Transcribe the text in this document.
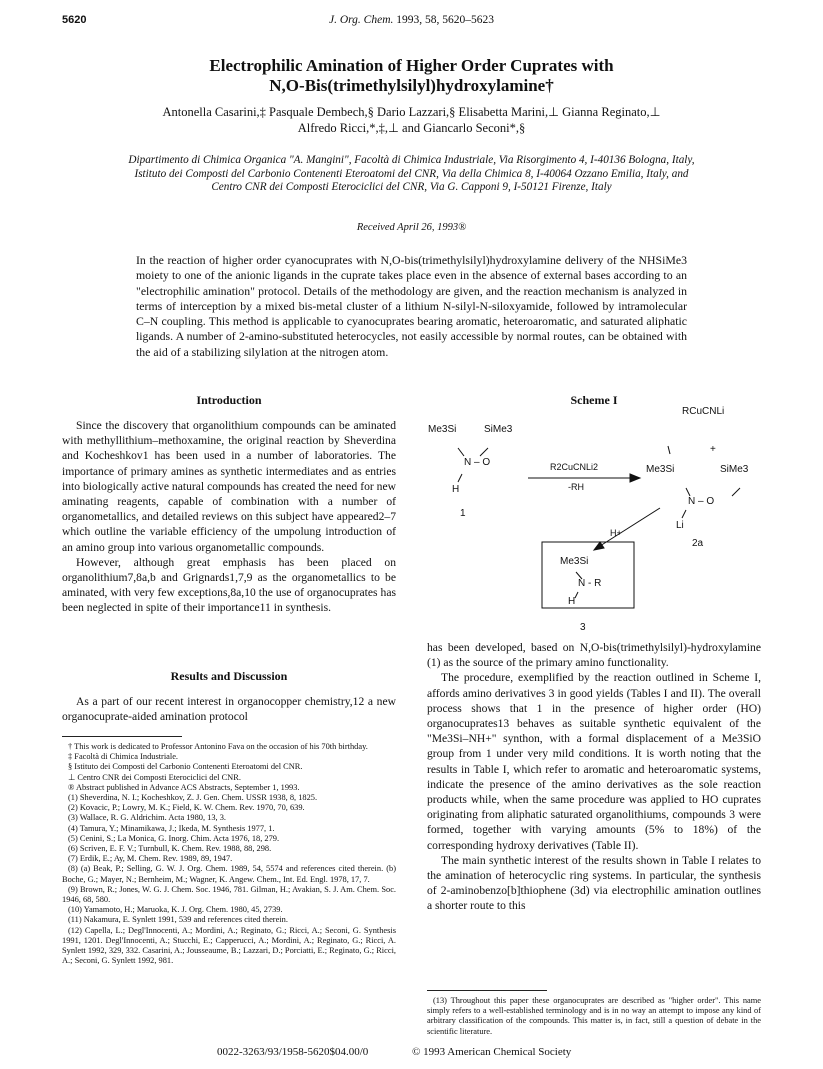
5620	J. Org. Chem. 1993, 58, 5620–5623
Electrophilic Amination of Higher Order Cuprates with
N,O-Bis(trimethylsilyl)hydroxylamine†
Antonella Casarini,‡ Pasquale Dembech,§ Dario Lazzari,§ Elisabetta Marini,⊥ Gianna Reginato,⊥
Alfredo Ricci,*,‡,⊥ and Giancarlo Seconi*,§
Dipartimento di Chimica Organica "A. Mangini", Facoltà di Chimica Industriale, Via Risorgimento 4, I-40136 Bologna, Italy, Istituto dei Composti del Carbonio Contenenti Eteroatomi del CNR, Via della Chimica 8, I-40064 Ozzano Emilia, Italy, and Centro CNR dei Composti Eterociclici del CNR, Via G. Capponi 9, I-50121 Firenze, Italy
Received April 26, 1993®
In the reaction of higher order cyanocuprates with N,O-bis(trimethylsilyl)hydroxylamine delivery of the NHSiMe3 moiety to one of the anionic ligands in the cuprate takes place even in the absence of external bases according to an "electrophilic amination" protocol. Details of the methodology are given, and the reaction mechanism is analyzed in terms of interception by a mixed bis-metal cluster of a lithium N-silyl-N-siloxyamide, followed by intramolecular C–N coupling. This method is applicable to cyanocuprates bearing aromatic, heteroaromatic, and saturated aliphatic ligands. A number of 2-amino-substituted heterocycles, not easily accessible by normal routes, can be obtained with the aid of a stabilizing silylation at the nitrogen atom.
Introduction

Since the discovery that organolithium compounds can be aminated with methyllithium–methoxamine, the original reaction by Sheverdina and Kocheshkov1 has been used in a number of laboratories. The importance of primary amines as synthetic intermediates and as entries into biologically active natural compounds has created the need for new aminating reagents, capable of combination with a number of organometallics, and detailed reviews on this subject have appeared2–7 which outline the variable efficiency of the umpolung introduction of an amino group into various organometallic compounds.

However, although great emphasis has been placed on organolithium7,8a,b and Grignards1,7,9 as the organometallics to be aminated, with very few exceptions,8a,10 the use of organocuprates has been neglected in spite of their importance11 in synthesis.

Results and Discussion

As a part of our recent interest in organocopper chemistry,12 a new organocuprate-aided amination protocol

† This work is dedicated to Professor Antonino Fava on the occasion of his 70th birthday.
‡ Facoltà di Chimica Industriale.
§ Istituto dei Composti del Carbonio Contenenti Eteroatomi del CNR.
⊥ Centro CNR dei Composti Eterociclici del CNR.
® Abstract published in Advance ACS Abstracts, September 1, 1993.
(1) Sheverdina, N. I.; Kocheshkov, Z. J. Gen. Chem. USSR 1938, 8, 1825.
(2) Kovacic, P.; Lowry, M. K.; Field, K. W. Chem. Rev. 1970, 70, 639.
(3) Wallace, R. G. Aldrichim. Acta 1980, 13, 3.
(4) Tamura, Y.; Minamikawa, J.; Ikeda, M. Synthesis 1977, 1.
(5) Cenini, S.; La Monica, G. Inorg. Chim. Acta 1976, 18, 279.
(6) Scriven, E. F. V.; Turnbull, K. Chem. Rev. 1988, 88, 298.
(7) Erdik, E.; Ay, M. Chem. Rev. 1989, 89, 1947.
(8) (a) Beak, P.; Selling, G. W. J. Org. Chem. 1989, 54, 5574 and references cited therein. (b) Boche, G.; Mayer, N.; Bernheim, M.; Wagner, K. Angew. Chem., Int. Ed. Engl. 1978, 17, 7.
(9) Brown, R.; Jones, W. G. J. Chem. Soc. 1946, 781. Gilman, H.; Avakian, S. J. Am. Chem. Soc. 1946, 68, 580.
(10) Yamamoto, H.; Maruoka, K. J. Org. Chem. 1980, 45, 2739.
(11) Nakamura, E. Synlett 1991, 539 and references cited therein.
(12) Capella, L.; Degl'Innocenti, A.; Mordini, A.; Reginato, G.; Ricci, A.; Seconi, G. Synthesis 1991, 1201. Degl'Innocenti, A.; Stucchi, E.; Capperucci, A.; Mordini, A.; Reginato, G.; Ricci, A. Synlett 1992, 329, 332. Casarini, A.; Jousseaume, B.; Lazzari, D.; Porciatti, E.; Reginato, G.; Ricci, A.; Seconi, G. Synlett 1992, 981.
Scheme I
Me3Si	SiMe3
N – O
H
1
R2CuCNLi2
-RH
RCuCNLi
+
Me3Si	SiMe3
N – O
Li
2a
H+
Me3Si
N - R
H
3

has been developed, based on N,O-bis(trimethylsilyl)-hydroxylamine (1) as the source of the primary amino functionality.

The procedure, exemplified by the reaction outlined in Scheme I, affords amino derivatives 3 in good yields (Tables I and II). The overall process shows that 1 in the presence of higher order (HO) organocuprates13 behaves as suitable synthetic equivalent of the "Me3Si–NH+" synthon, with a formal displacement of a Me3SiO group from 1 under very mild conditions. It is worth noting that the results in Table I, which refer to aromatic and heteroaromatic systems, indicate the presence of the amino derivatives as the sole reaction products while, when the same procedure was applied to HO cuprates originating from aliphatic saturated organolithiums, compounds 3 were formed, together with varying amounts (5% to 18%) of the corresponding hydroxy derivatives (Table II).

The main synthetic interest of the results shown in Table I relates to the amination of heterocyclic ring systems. In particular, the synthesis of 2-aminobenzo[b]thiophene (3d) via electrophilic amination outlines a shorter route to this

(13) Throughout this paper these organocuprates are described as "higher order". This name simply refers to a well-established terminology and is in no way an attempt to impose any kind of arbitrary classification of the compounds. This matter is, in fact, still a question of debate in the scientific literature.
0022-3263/93/1958-5620$04.00/0	© 1993 American Chemical Society
